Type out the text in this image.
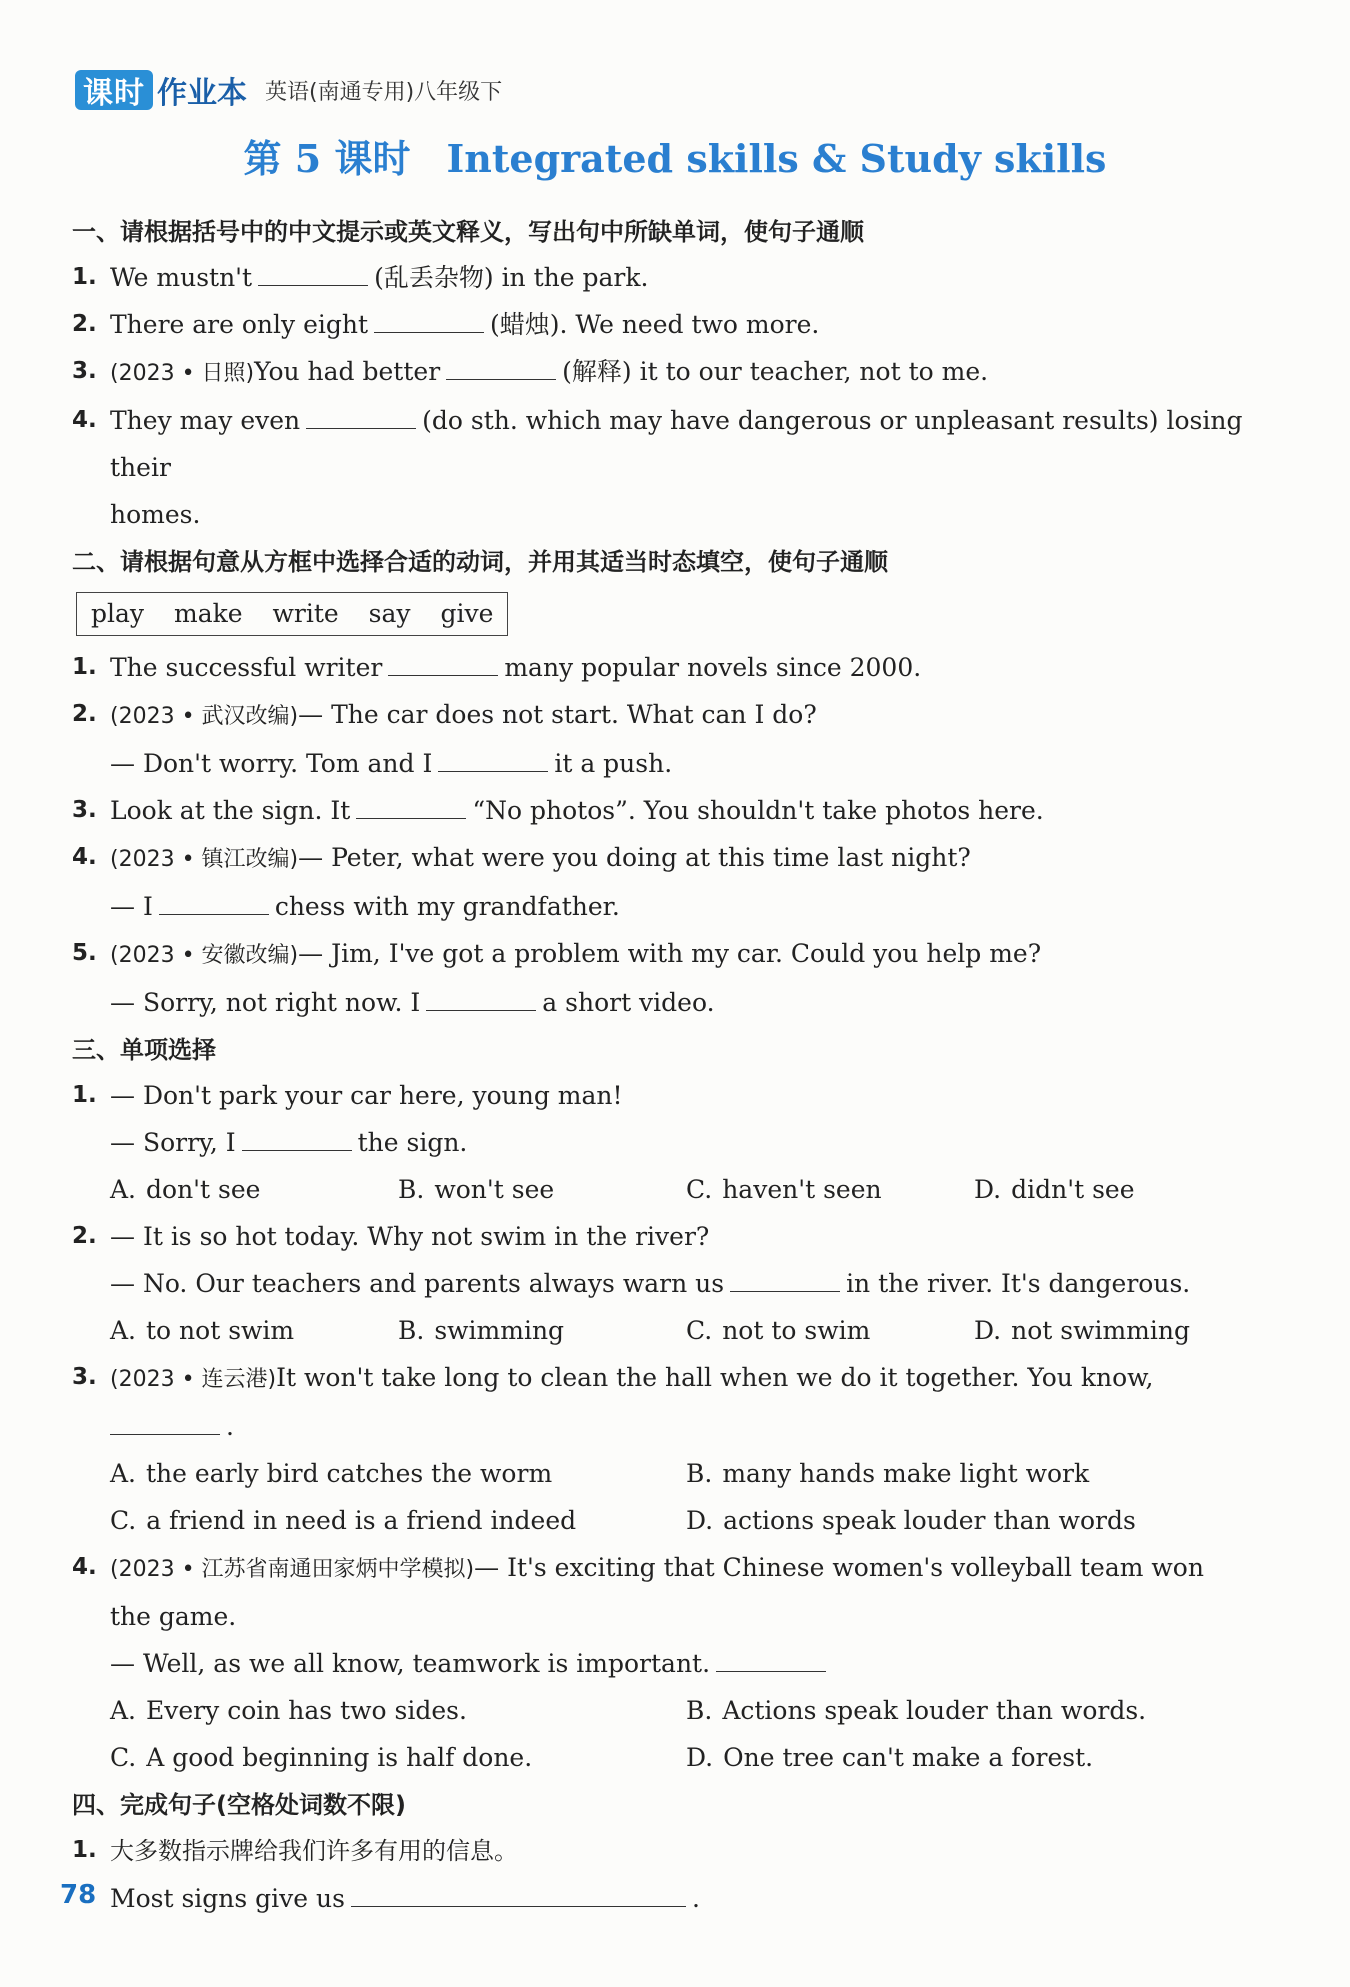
课时 作业本 英语(南通专用)八年级下
第 5 课时 Integrated skills & Study skills
一、请根据括号中的中文提示或英文释义，写出句中所缺单词，使句子通顺
1. We mustn't	(乱丢杂物) in the park.
2. There are only eight	(蜡烛). We need two more.
3. (2023 • 日照)You had better	(解释) it to our teacher, not to me.
4. They may even	(do sth. which may have dangerous or unpleasant results) losing their
homes.
二、请根据句意从方框中选择合适的动词，并用其适当时态填空，使句子通顺
play make write say give
1. The successful writer	many popular novels since 2000.
2. (2023 • 武汉改编)— The car does not start. What can I do?
— Don't worry. Tom and I	it a push.
3. Look at the sign. It	“No photos”. You shouldn't take photos here.
4. (2023 • 镇江改编)— Peter, what were you doing at this time last night?
— I	chess with my grandfather.
5. (2023 • 安徽改编)— Jim, I've got a problem with my car. Could you help me?
— Sorry, not right now. I	a short video.
三、单项选择
1. — Don't park your car here, young man!
— Sorry, I	the sign.
A. don't see	B. won't see	C. haven't seen	D. didn't see
2. — It is so hot today. Why not swim in the river?
— No. Our teachers and parents always warn us	in the river. It's dangerous.
A. to not swim	B. swimming	C. not to swim	D. not swimming
3. (2023 • 连云港)It won't take long to clean the hall when we do it together. You know,
.
A. the early bird catches the worm	B. many hands make light work
C. a friend in need is a friend indeed	D. actions speak louder than words
4. (2023 • 江苏省南通田家炳中学模拟)— It's exciting that Chinese women's volleyball team won
the game.
— Well, as we all know, teamwork is important.
A. Every coin has two sides.	B. Actions speak louder than words.
C. A good beginning is half done.	D. One tree can't make a forest.
四、完成句子(空格处词数不限)
1. 大多数指示牌给我们许多有用的信息。
Most signs give us	.
78
